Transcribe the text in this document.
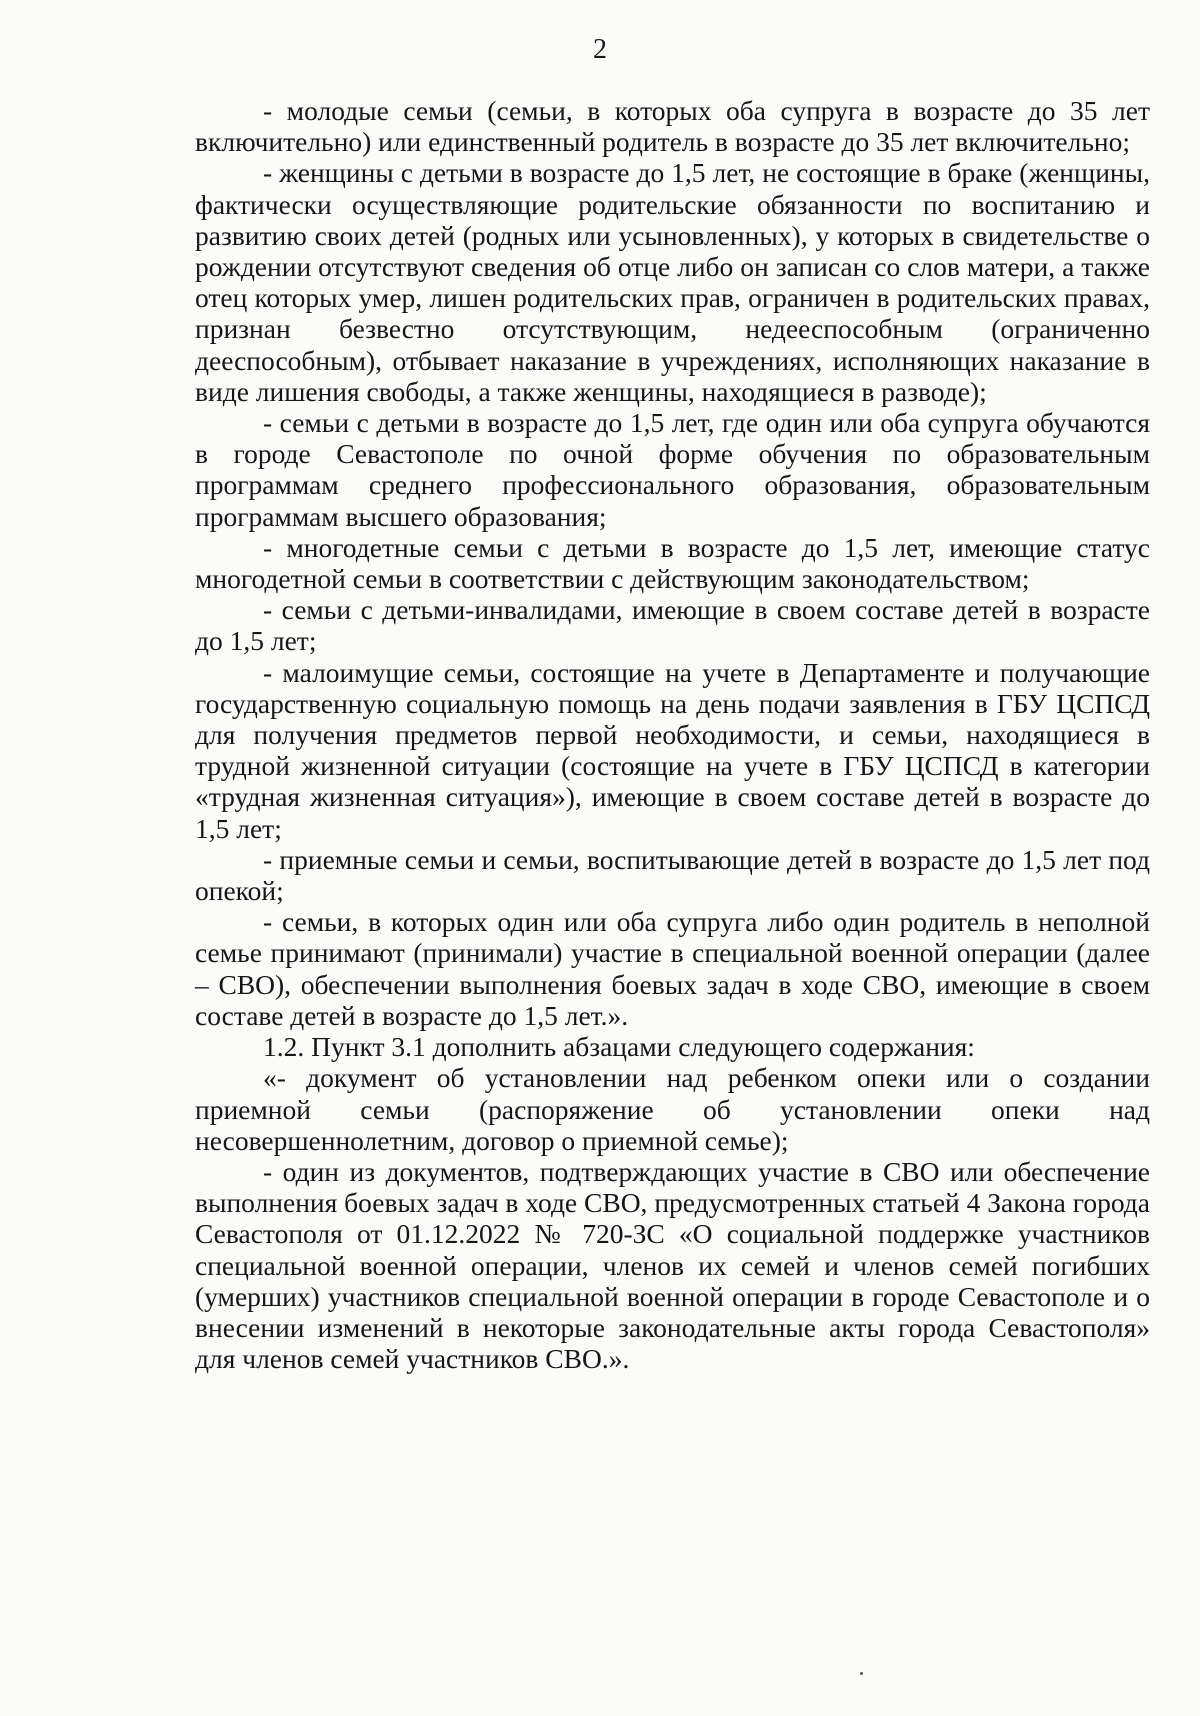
2

- молодые семьи (семьи, в которых оба супруга в возрасте до 35 лет включительно) или единственный родитель в возрасте до 35 лет включительно;

- женщины с детьми в возрасте до 1,5 лет, не состоящие в браке (женщины, фактически осуществляющие родительские обязанности по воспитанию и развитию своих детей (родных или усыновленных), у которых в свидетельстве о рождении отсутствуют сведения об отце либо он записан со слов матери, а также отец которых умер, лишен родительских прав, ограничен в родительских правах, признан безвестно отсутствующим, недееспособным (ограниченно дееспособным), отбывает наказание в учреждениях, исполняющих наказание в виде лишения свободы, а также женщины, находящиеся в разводе);

- семьи с детьми в возрасте до 1,5 лет, где один или оба супруга обучаются в городе Севастополе по очной форме обучения по образовательным программам среднего профессионального образования, образовательным программам высшего образования;

- многодетные семьи с детьми в возрасте до 1,5 лет, имеющие статус многодетной семьи в соответствии с действующим законодательством;

- семьи с детьми-инвалидами, имеющие в своем составе детей в возрасте до 1,5 лет;

- малоимущие семьи, состоящие на учете в Департаменте и получающие государственную социальную помощь на день подачи заявления в ГБУ ЦСПСД для получения предметов первой необходимости, и семьи, находящиеся в трудной жизненной ситуации (состоящие на учете в ГБУ ЦСПСД в категории «трудная жизненная ситуация»), имеющие в своем составе детей в возрасте до 1,5 лет;

- приемные семьи и семьи, воспитывающие детей в возрасте до 1,5 лет под опекой;

- семьи, в которых один или оба супруга либо один родитель в неполной семье принимают (принимали) участие в специальной военной операции (далее – СВО), обеспечении выполнения боевых задач в ходе СВО, имеющие в своем составе детей в возрасте до 1,5 лет.».

1.2. Пункт 3.1 дополнить абзацами следующего содержания:

«- документ об установлении над ребенком опеки или о создании приемной семьи (распоряжение об установлении опеки над несовершеннолетним, договор о приемной семье);

- один из документов, подтверждающих участие в СВО или обеспечение выполнения боевых задач в ходе СВО, предусмотренных статьей 4 Закона города Севастополя от 01.12.2022 № 720-ЗС «О социальной поддержке участников специальной военной операции, членов их семей и членов семей погибших (умерших) участников специальной военной операции в городе Севастополе и о внесении изменений в некоторые законодательные акты города Севастополя» для членов семей участников СВО.».
